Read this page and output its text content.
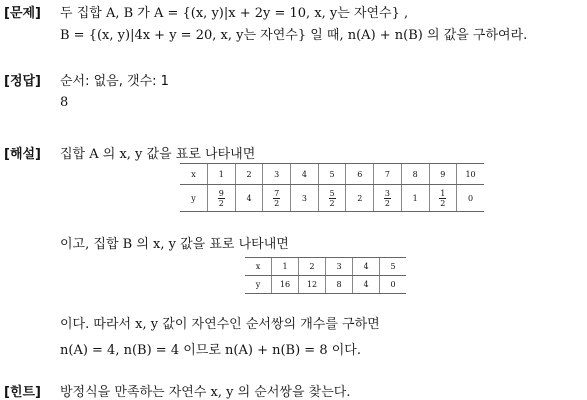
[문제] 두 집합 A, B 가 A = {(x, y)|x + 2y = 10, x, y는 자연수} ,
B = {(x, y)|4x + y = 20, x, y는 자연수} 일 때, n(A) + n(B) 의 값을 구하여라.
[정답] 순서: 없음, 갯수: 1
8
[해설] 집합 A 의 x, y 값을 표로 나타내면
x	1	2	3	4	5	6	7	8	9	10
y	$\frac{9}{2}$	4	$\frac{7}{2}$	3	$\frac{5}{2}$	2	$\frac{3}{2}$	1	$\frac{1}{2}$	0
이고, 집합 B 의 x, y 값을 표로 나타내면
x	1	2	3	4	5
y	16	12	8	4	0
이다. 따라서 x, y 값이 자연수인 순서쌍의 개수를 구하면
n(A) = 4, n(B) = 4 이므로 n(A) + n(B) = 8 이다.
[힌트] 방정식을 만족하는 자연수 x, y 의 순서쌍을 찾는다.
